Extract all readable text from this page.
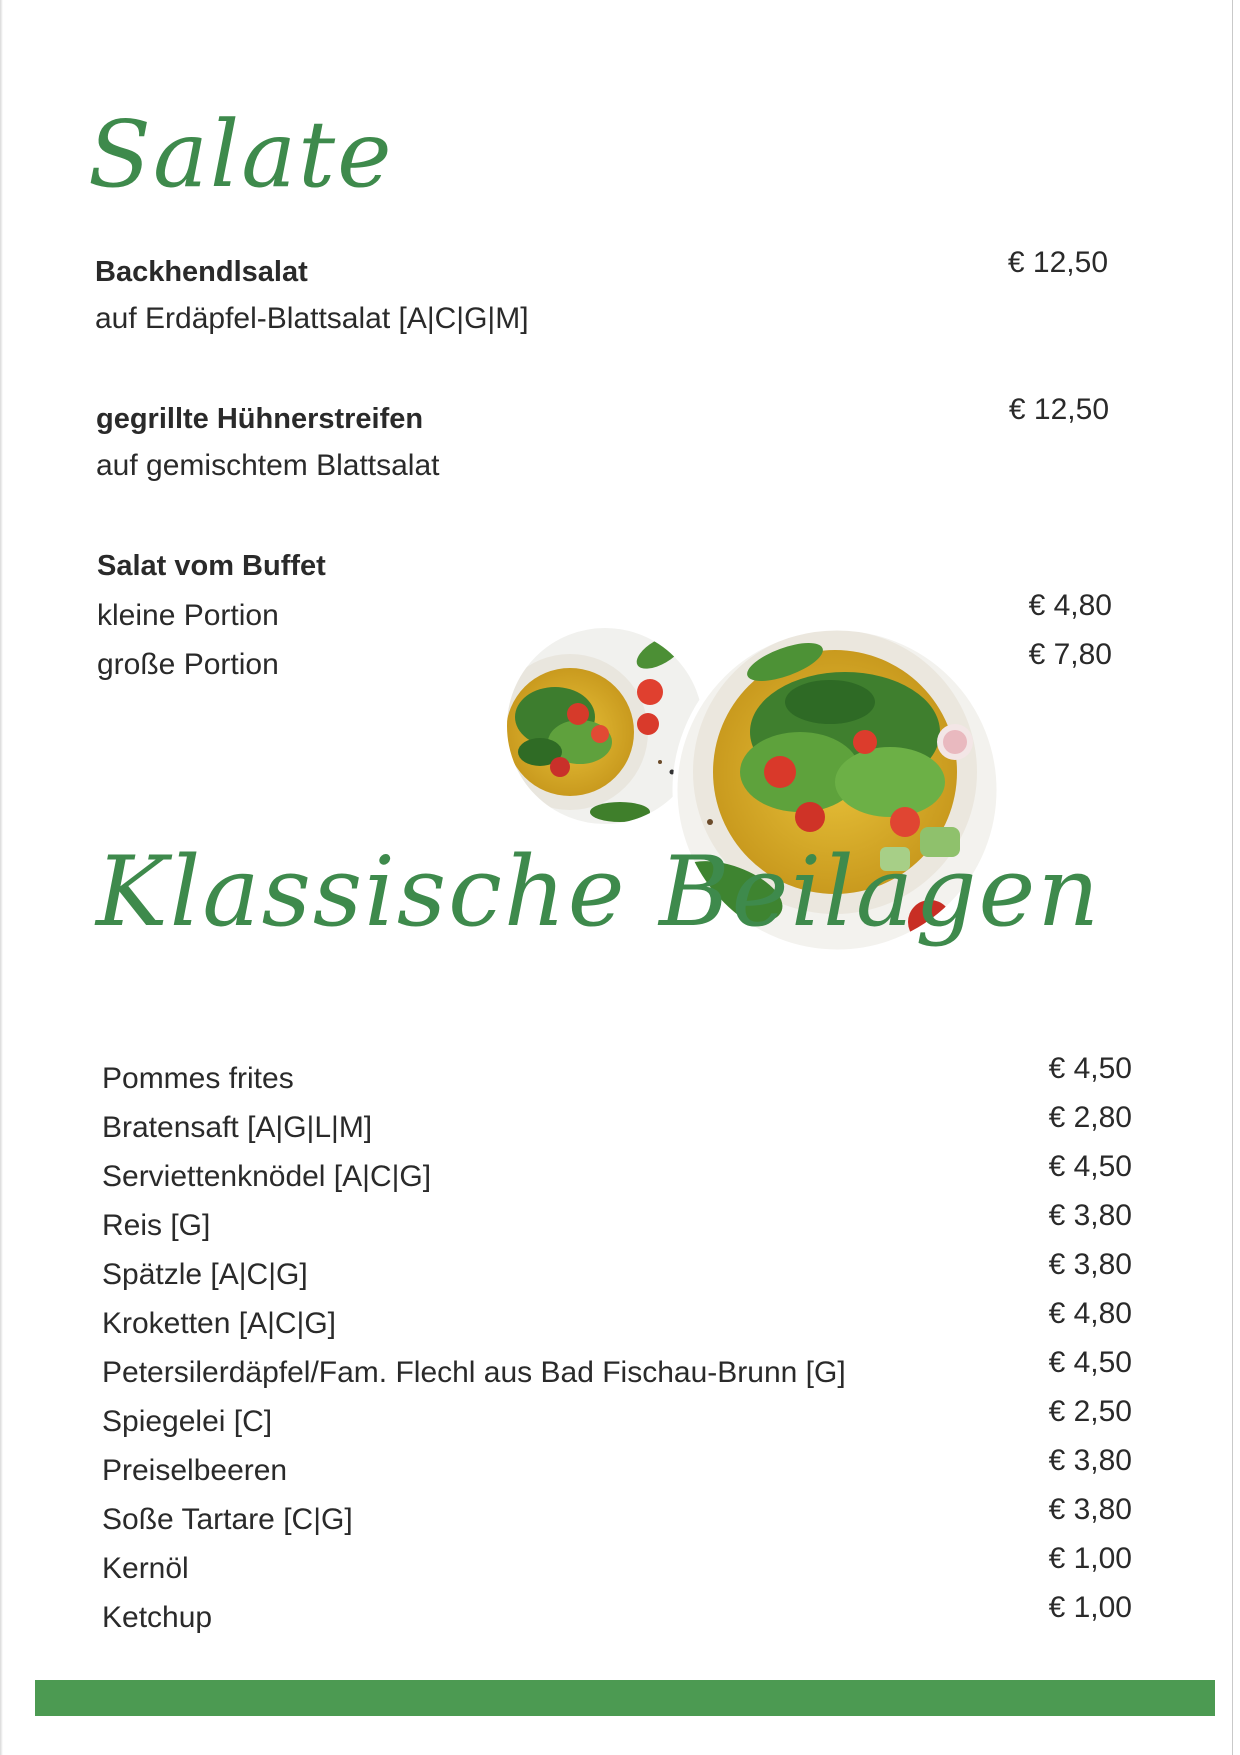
Salate
Backhendlsalat	€ 12,50
auf Erdäpfel-Blattsalat [A|C|G|M]
gegrillte Hühnerstreifen	€ 12,50
auf gemischtem Blattsalat
Salat vom Buffet
kleine Portion	€ 4,80
große Portion	€ 7,80
Klassische Beilagen
Pommes frites	€ 4,50
Bratensaft [A|G|L|M]	€ 2,80
Serviettenknödel [A|C|G]	€ 4,50
Reis [G]	€ 3,80
Spätzle [A|C|G]	€ 3,80
Kroketten [A|C|G]	€ 4,80
Petersilerdäpfel/Fam. Flechl aus Bad Fischau-Brunn [G]	€ 4,50
Spiegelei [C]	€ 2,50
Preiselbeeren	€ 3,80
Soße Tartare [C|G]	€ 3,80
Kernöl	€ 1,00
Ketchup	€ 1,00
